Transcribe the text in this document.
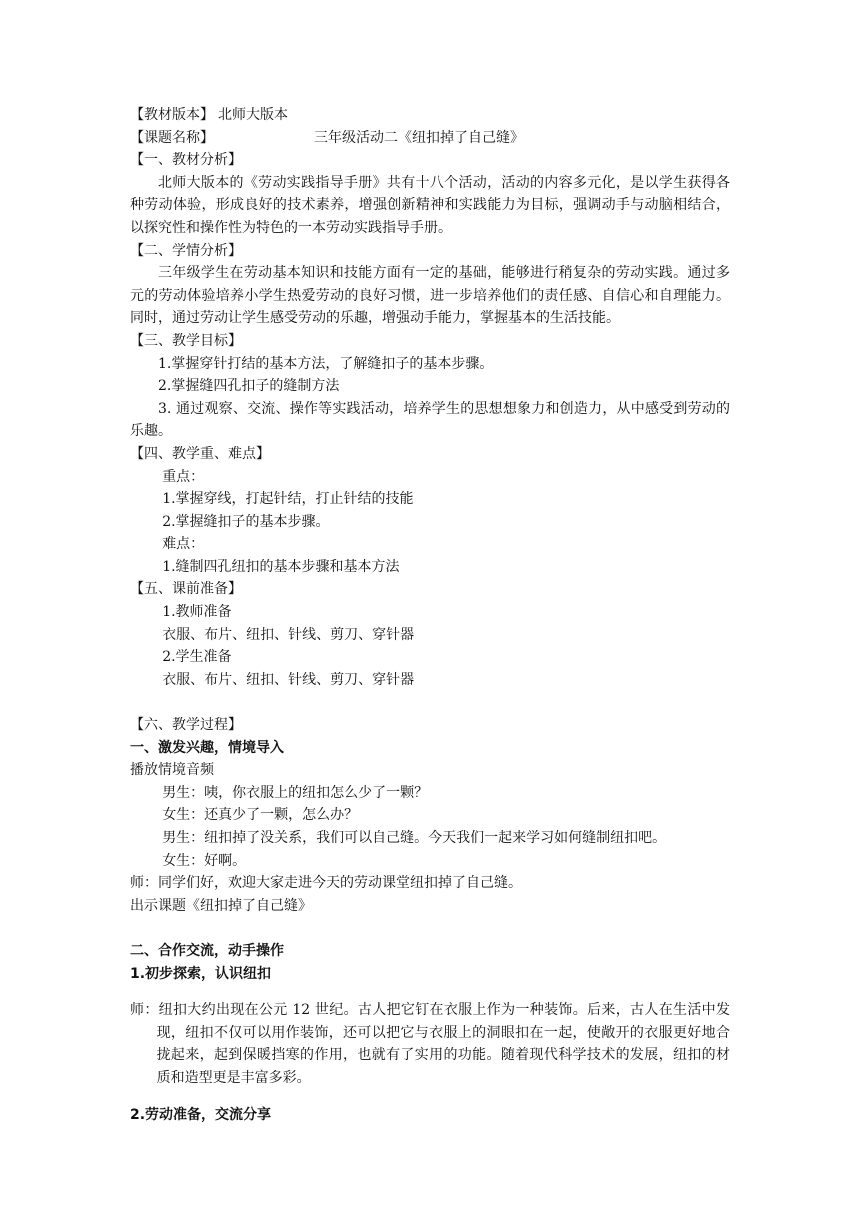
【教材版本】 北师大版本

【课题名称】	三年级活动二《纽扣掉了自己缝》

【一、教材分析】

北师大版本的《劳动实践指导手册》共有十八个活动，活动的内容多元化，是以学生获得各种劳动体验，形成良好的技术素养，增强创新精神和实践能力为目标，强调动手与动脑相结合，以探究性和操作性为特色的一本劳动实践指导手册。

【二、学情分析】

三年级学生在劳动基本知识和技能方面有一定的基础，能够进行稍复杂的劳动实践。通过多元的劳动体验培养小学生热爱劳动的良好习惯，进一步培养他们的责任感、自信心和自理能力。同时，通过劳动让学生感受劳动的乐趣，增强动手能力，掌握基本的生活技能。

【三、教学目标】

1.掌握穿针打结的基本方法，了解缝扣子的基本步骤。

2.掌握缝四孔扣子的缝制方法

3. 通过观察、交流、操作等实践活动，培养学生的思想想象力和创造力，从中感受到劳动的乐趣。

【四、教学重、难点】

重点：

1.掌握穿线，打起针结，打止针结的技能

2.掌握缝扣子的基本步骤。

难点：

1.缝制四孔纽扣的基本步骤和基本方法

【五、课前准备】

1.教师准备

衣服、布片、纽扣、针线、剪刀、穿针器

2.学生准备

衣服、布片、纽扣、针线、剪刀、穿针器

【六、教学过程】

一、激发兴趣，情境导入

播放情境音频

男生：咦，你衣服上的纽扣怎么少了一颗？

女生：还真少了一颗，怎么办？

男生：纽扣掉了没关系，我们可以自己缝。今天我们一起来学习如何缝制纽扣吧。

女生：好啊。

师：同学们好，欢迎大家走进今天的劳动课堂纽扣掉了自己缝。

出示课题《纽扣掉了自己缝》

二、合作交流，动手操作

1.初步探索，认识纽扣

师：纽扣大约出现在公元 12 世纪。古人把它钉在衣服上作为一种装饰。后来，古人在生活中发现，纽扣不仅可以用作装饰，还可以把它与衣服上的洞眼扣在一起，使敞开的衣服更好地合拢起来，起到保暖挡寒的作用，也就有了实用的功能。随着现代科学技术的发展，纽扣的材质和造型更是丰富多彩。

2.劳动准备，交流分享
